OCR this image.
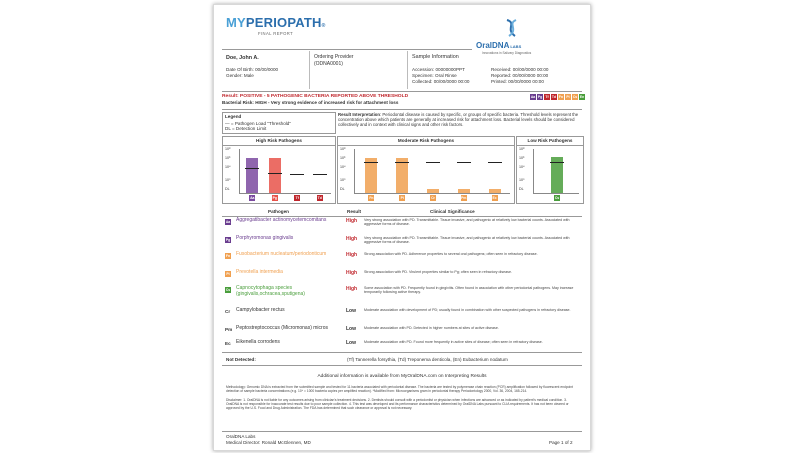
MYPERIOPATH®
FINAL REPORT
OralDNALABS
Innovations in Salivary Diagnostics
Doe, John A.
Date Of Birth: 00/00/0000
Gender: Male
Ordering Provider
(ODNA0001)
Sample Information
Accession: 00000000PPT
Specimen: Oral Rinse
Collected: 00/00/0000 00:00
Received: 00/00/0000 00:00
Reported: 00/00/0000 00:00
Printed: 00/00/0000 00:00
Result: POSITIVE - 5 PATHOGENIC BACTERIA REPORTED ABOVE THRESHOLD
Bacterial Risk: HIGH - Very strong evidence of increased risk for attachment loss
Aa Pg Tf Td Fn Pi Cs En
Legend
— = Pathogen Load "Threshold"
DL = Detection Limit
Result Interpretation: Periodontal disease is caused by specific, or groups of specific bacteria. Threshold levels represent the concentration above which patients are generally at increased risk for attachment loss. Bacterial levels should be considered collectively and in context with clinical signs and other risk factors.
High Risk Pathogens
DL
10⁰
10⁴
10⁶
10⁸
Aa	Pg	Tf	Td
Moderate Risk Pathogens
DL
10⁰
10⁴
10⁶
10⁸
Fn	Pi	Cr	Pm	Ec
Low Risk Pathogens
DL
10⁰
10⁴
10⁶
10⁸
Cs
Pathogen	Result	Clinical Significance
Aa Aggregatibacter actinomycetemcomitans	High Very strong association with PD. Transmittable. Tissue invasive, and pathogenic at relatively low bacterial counts. Associated with aggressive forms of disease.
Pg Porphyromonas gingivalis	High Very strong association with PD. Transmittable. Tissue invasive, and pathogenic at relatively low bacterial counts. Associated with aggressive forms of disease.
Fn Fusobacterium nucleatum/periodonticum	High Strong association with PD. Adherence properties to several oral pathogens; often seen in refractory disease.
Pi Prevotella intermedia	High Strong association with PD. Virulent properties similar to Pg; often seen in refractory disease.
Cs Capnocytophaga species (gingivalis,ochracea,sputigena)
High Some association with PD. Frequently found in gingivitis. Often found in association with other periodontal pathogens. May increase temporarily following active therapy.
Cr Campylobacter rectus	Low Moderate association with development of PD; usually found in combination with other suspected pathogens in refractory disease.
Pm Peptostreptococcus (Micromonas) micros	Low Moderate association with PD. Detected in higher numbers at sites of active disease.
Ec Eikenella corrodens	Low Moderate association with PD. Found more frequently in active sites of disease; often seen in refractory disease.
Not Detected:	(Tf) Tannerella forsythia, (Td) Treponema denticola, (En) Eubacterium nodatum
Additional information is available from MyOralDNA.com on Interpreting Results
Methodology: Genomic DNA is extracted from the submitted sample and tested for 11 bacteria associated with periodontal disease. The bacteria are tested by polymerase chain reaction (PCR) amplification followed by fluorescent endpoint detection of sample bacteria concentrations (e.g. 10⁴ = 1000 bacteria copies per amplified reaction). *Modified from: Microorganisms gram in periodontal therapy Periodontology 2000, Vol. 36, 2004, 165-214.
Disclaimer: 1. OralDNA is not liable for any outcomes arising from clinician's treatment decisions. 2. Dentists should consult with a periodontist or physician when infections are advanced or as indicated by patient's medical condition. 3. OralDNA is not responsible for inaccurate test results due to poor sample collection. 4. This test was developed and its performance characteristics determined by OralDNA Labs pursuant to CLIA requirements. It has not been cleared or approved by the U.S. Food and Drug Administration. The FDA has determined that such clearance or approval is not necessary.
OralDNA Labs
Medical Director: Ronald McGlennen, MD	Page 1 of 2
